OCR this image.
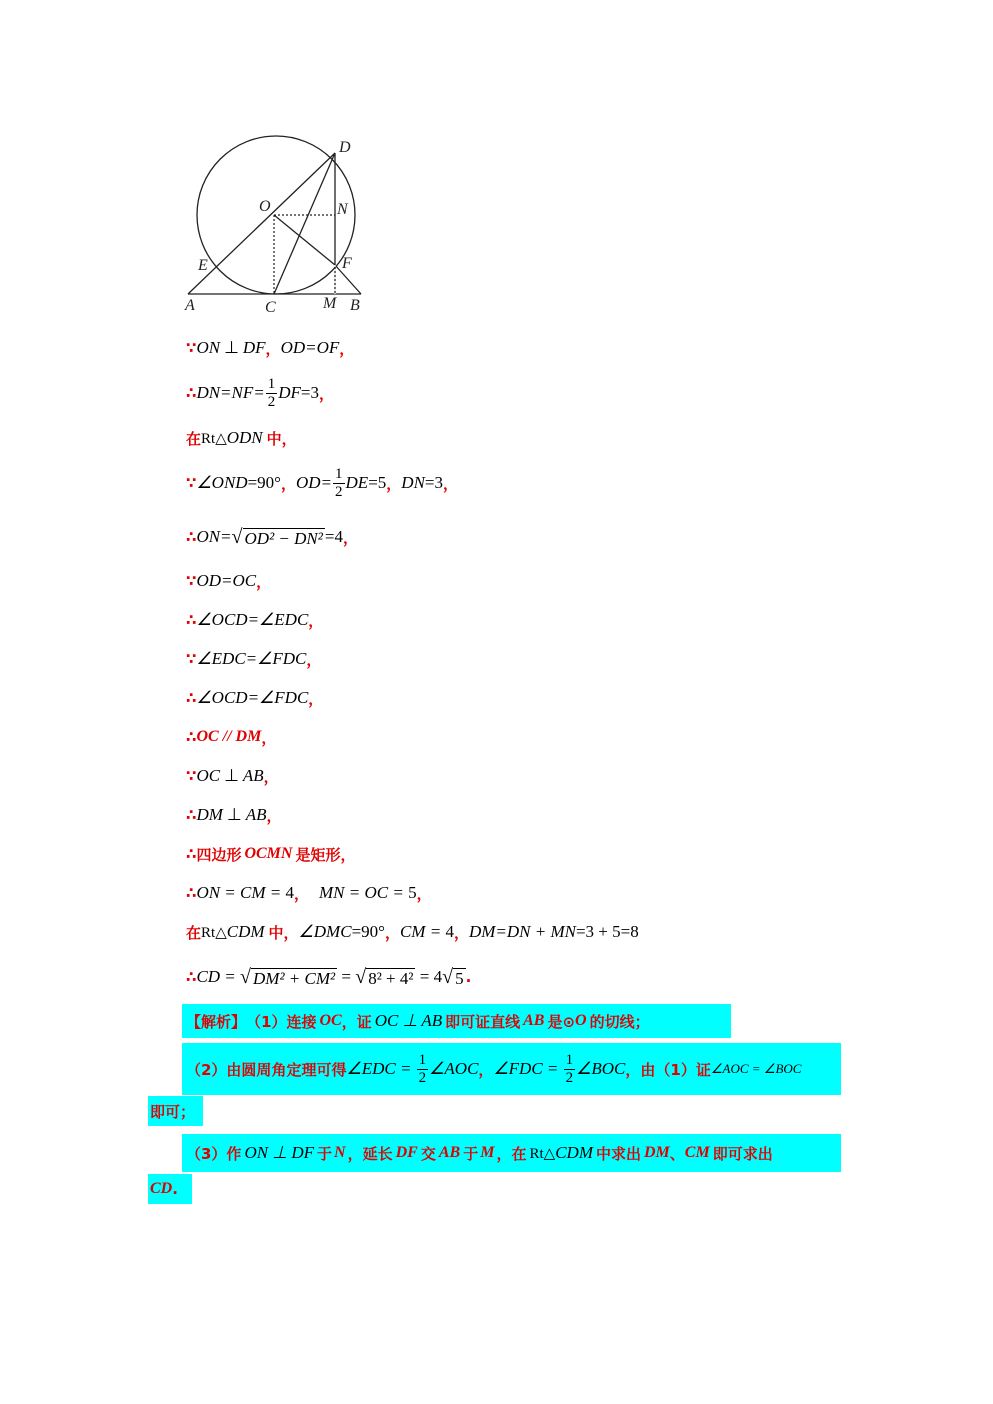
D
O	N
E	F
A	C	M B
∵ ON ⊥ DF ， OD=OF ，
∴ $DN=NF= \frac{1}{2}$ DF =3 ，
在 Rt△ ODN 中，
∵ ∠OND =90° ， $OD= \frac{1}{2}$ DE =5 ， DN =3 ，
∴ ON= √ OD² − DN² =4 ，
∵ OD=OC ，
∴ ∠OCD=∠EDC ，
∵ ∠EDC=∠FDC ，
∴ ∠OCD=∠FDC ，
∴ OC // DM ，
∵ OC ⊥ AB ，
∴ DM ⊥ AB ，
∴ 四边形 OCMN 是矩形，
∴ ON = CM = 4 ， MN = OC = 5 ，
在 Rt△ CDM 中， ∠DMC =90° ， CM = 4 ， DM=DN + MN =3 + 5=8
∴ CD = √ DM² + CM² = √ 8² + 4² = 4 √ 5 .
【解析】 （1）连接 OC ，证 OC ⊥ AB 即可证直线 AB 是⊙ O 的切线；
（2）由圆周角定理可得 ∠EDC = $\frac{1}{2}$ ∠AOC ， ∠FDC = $\frac{1}{2}$ ∠BOC ，由（1）证 ∠AOC = ∠BOC
即可；
（3）作 ON ⊥ DF 于 N ，延长 DF 交 AB 于 M ，在 Rt△ CDM 中求出 DM 、 CM 即可求出
CD .
